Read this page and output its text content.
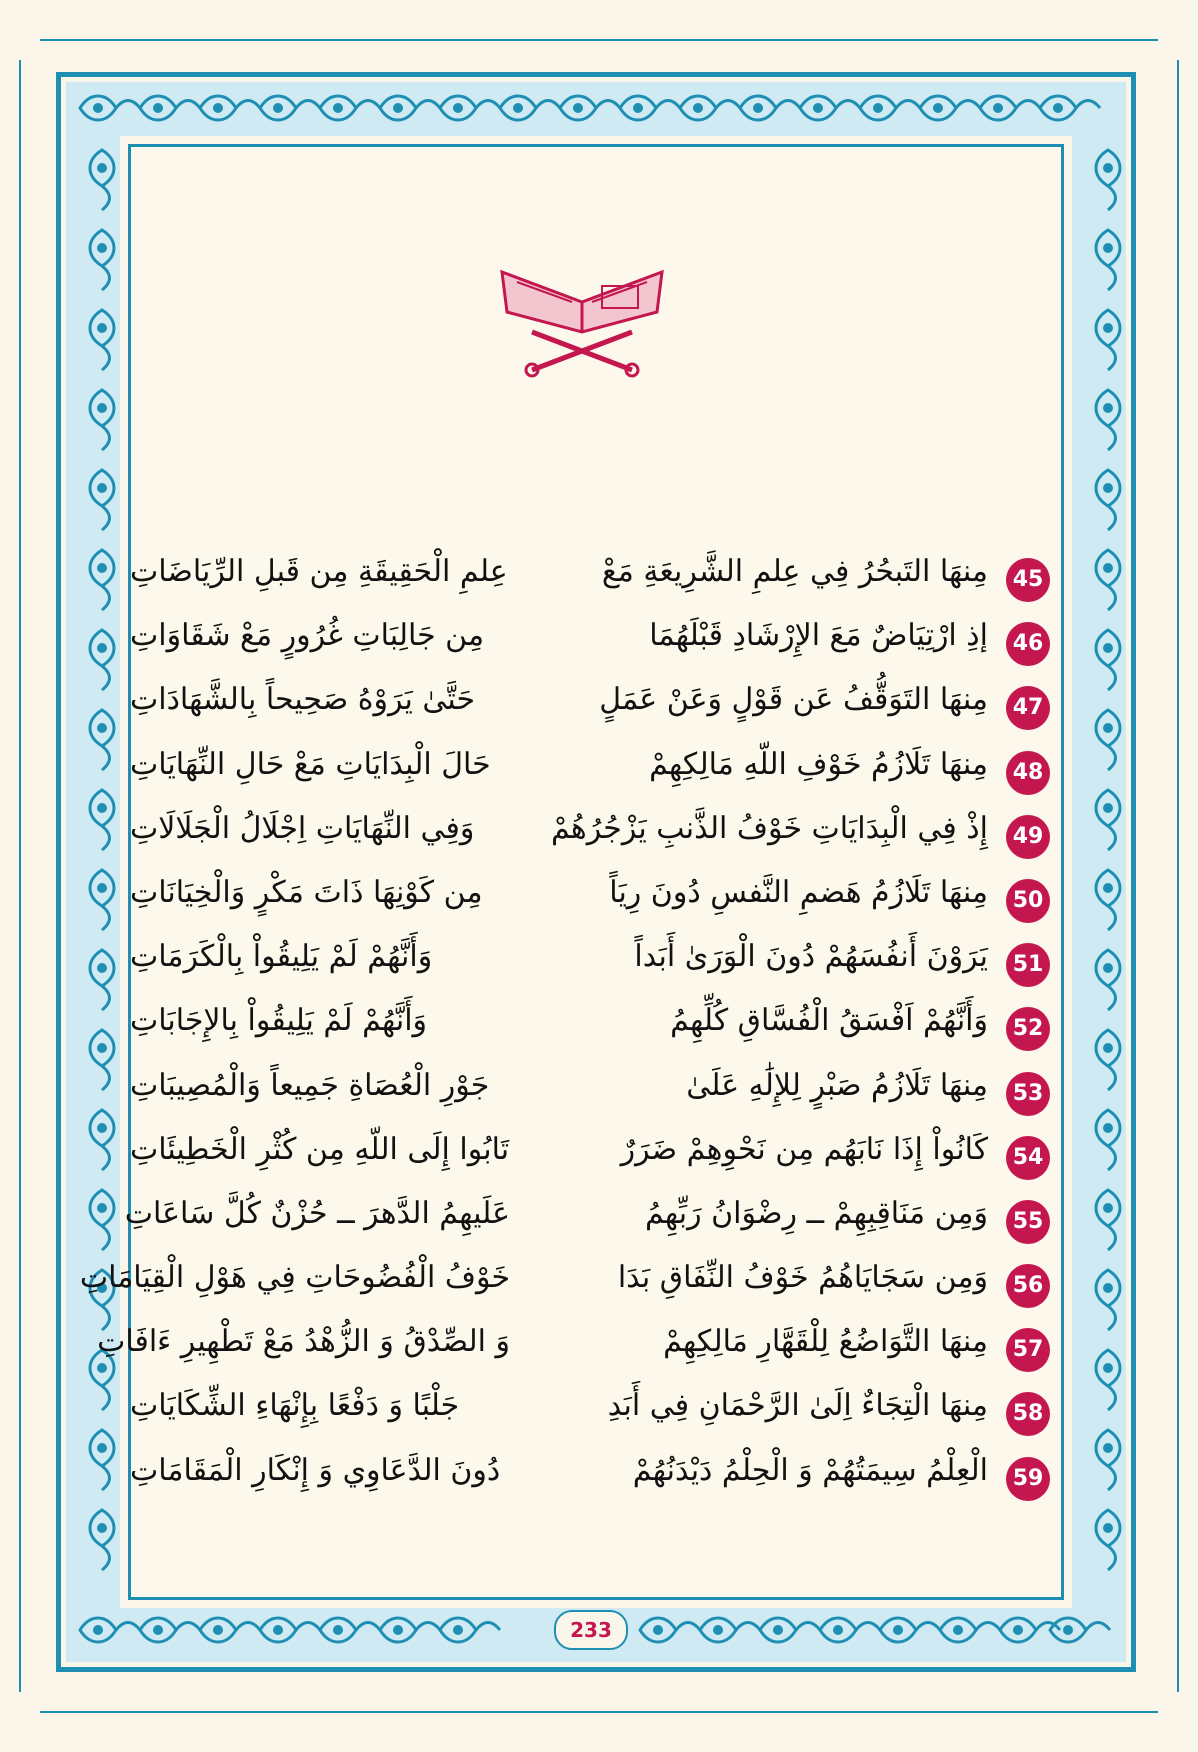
45
مِنهَا التَبحُرُ فِي عِلمِ الشَّرِيعَةِ مَعْ
عِلمِ الْحَقِيقَةِ مِن قَبلِ الرِّيَاضَاتِ
46
إذِ ارْتِيَاضٌ مَعَ الإِرْشَادِ قَبْلَهُمَا
مِن جَالِبَاتِ غُرُورٍ مَعْ شَقَاوَاتِ
47
مِنهَا التَوَقُّفُ عَن قَوْلٍ وَعَنْ عَمَلٍ
حَتَّىٰ يَرَوْهُ صَحِيحاً بِالشَّهَادَاتِ
48
مِنهَا تَلَازُمُ خَوْفِ اللّهِ مَالِكِهِمْ
حَالَ الْبِدَايَاتِ مَعْ حَالِ النِّهَايَاتِ
49
إِذْ فِي الْبِدَايَاتِ خَوْفُ الذَّنبِ يَزْجُرُهُمْ
وَفِي النِّهَايَاتِ اِجْلَالُ الْجَلَالَاتِ
50
مِنهَا تَلَازُمُ هَضمِ النَّفسِ دُونَ رِيَاً
مِن كَوْنِهَا ذَاتَ مَكْرٍ وَالْخِيَانَاتِ
51
يَرَوْنَ أَنفُسَهُمْ دُونَ الْوَرَىٰ أَبَداً
وَأَنَّهُمْ لَمْ يَلِيقُواْ بِالْكَرَمَاتِ
52
وَأَنَّهُمْ اَفْسَقُ الْفُسَّاقِ كُلِّهِمُ
وَأَنَّهُمْ لَمْ يَلِيقُواْ بِالإِجَابَاتِ
53
مِنهَا تَلَازُمُ صَبْرٍ لِلإِلَٰهِ عَلَىٰ
جَوْرِ الْعُصَاةِ جَمِيعاً وَالْمُصِيبَاتِ
54
كَانُواْ إِذَا نَابَهُم مِن نَحْوِهِمْ ضَرَرٌ
تَابُوا إِلَى اللّهِ مِن كُثْرِ الْخَطِيئَاتِ
55
وَمِن مَنَاقِبِهِمْ ــ رِضْوَانُ رَبِّهِمُ
عَلَيهِمُ الدَّهرَ ــ حُزْنٌ كُلَّ سَاعَاتِ
56
وَمِن سَجَايَاهُمُ خَوْفُ النِّفَاقِ بَدَا
خَوْفُ الْفُضُوحَاتِ فِي هَوْلِ الْقِيَامَاتِ
57
مِنهَا التَّوَاضُعُ لِلْقَهَّارِ مَالِكِهِمْ
وَ الصِّدْقُ وَ الزُّهْدُ مَعْ تَطْهِيرِ ءَافَاتِ
58
مِنهَا الْتِجَاءٌ اِلَىٰ الرَّحْمَانِ فِي أَبَدِ
جَلْبًا وَ دَفْعًا بِإِنْهَاءِ الشِّكَايَاتِ
59
الْعِلْمُ سِيمَتُهُمْ وَ الْحِلْمُ دَيْدَنُهُمْ
دُونَ الدَّعَاوِي وَ إِنْكَارِ الْمَقَامَاتِ
233
